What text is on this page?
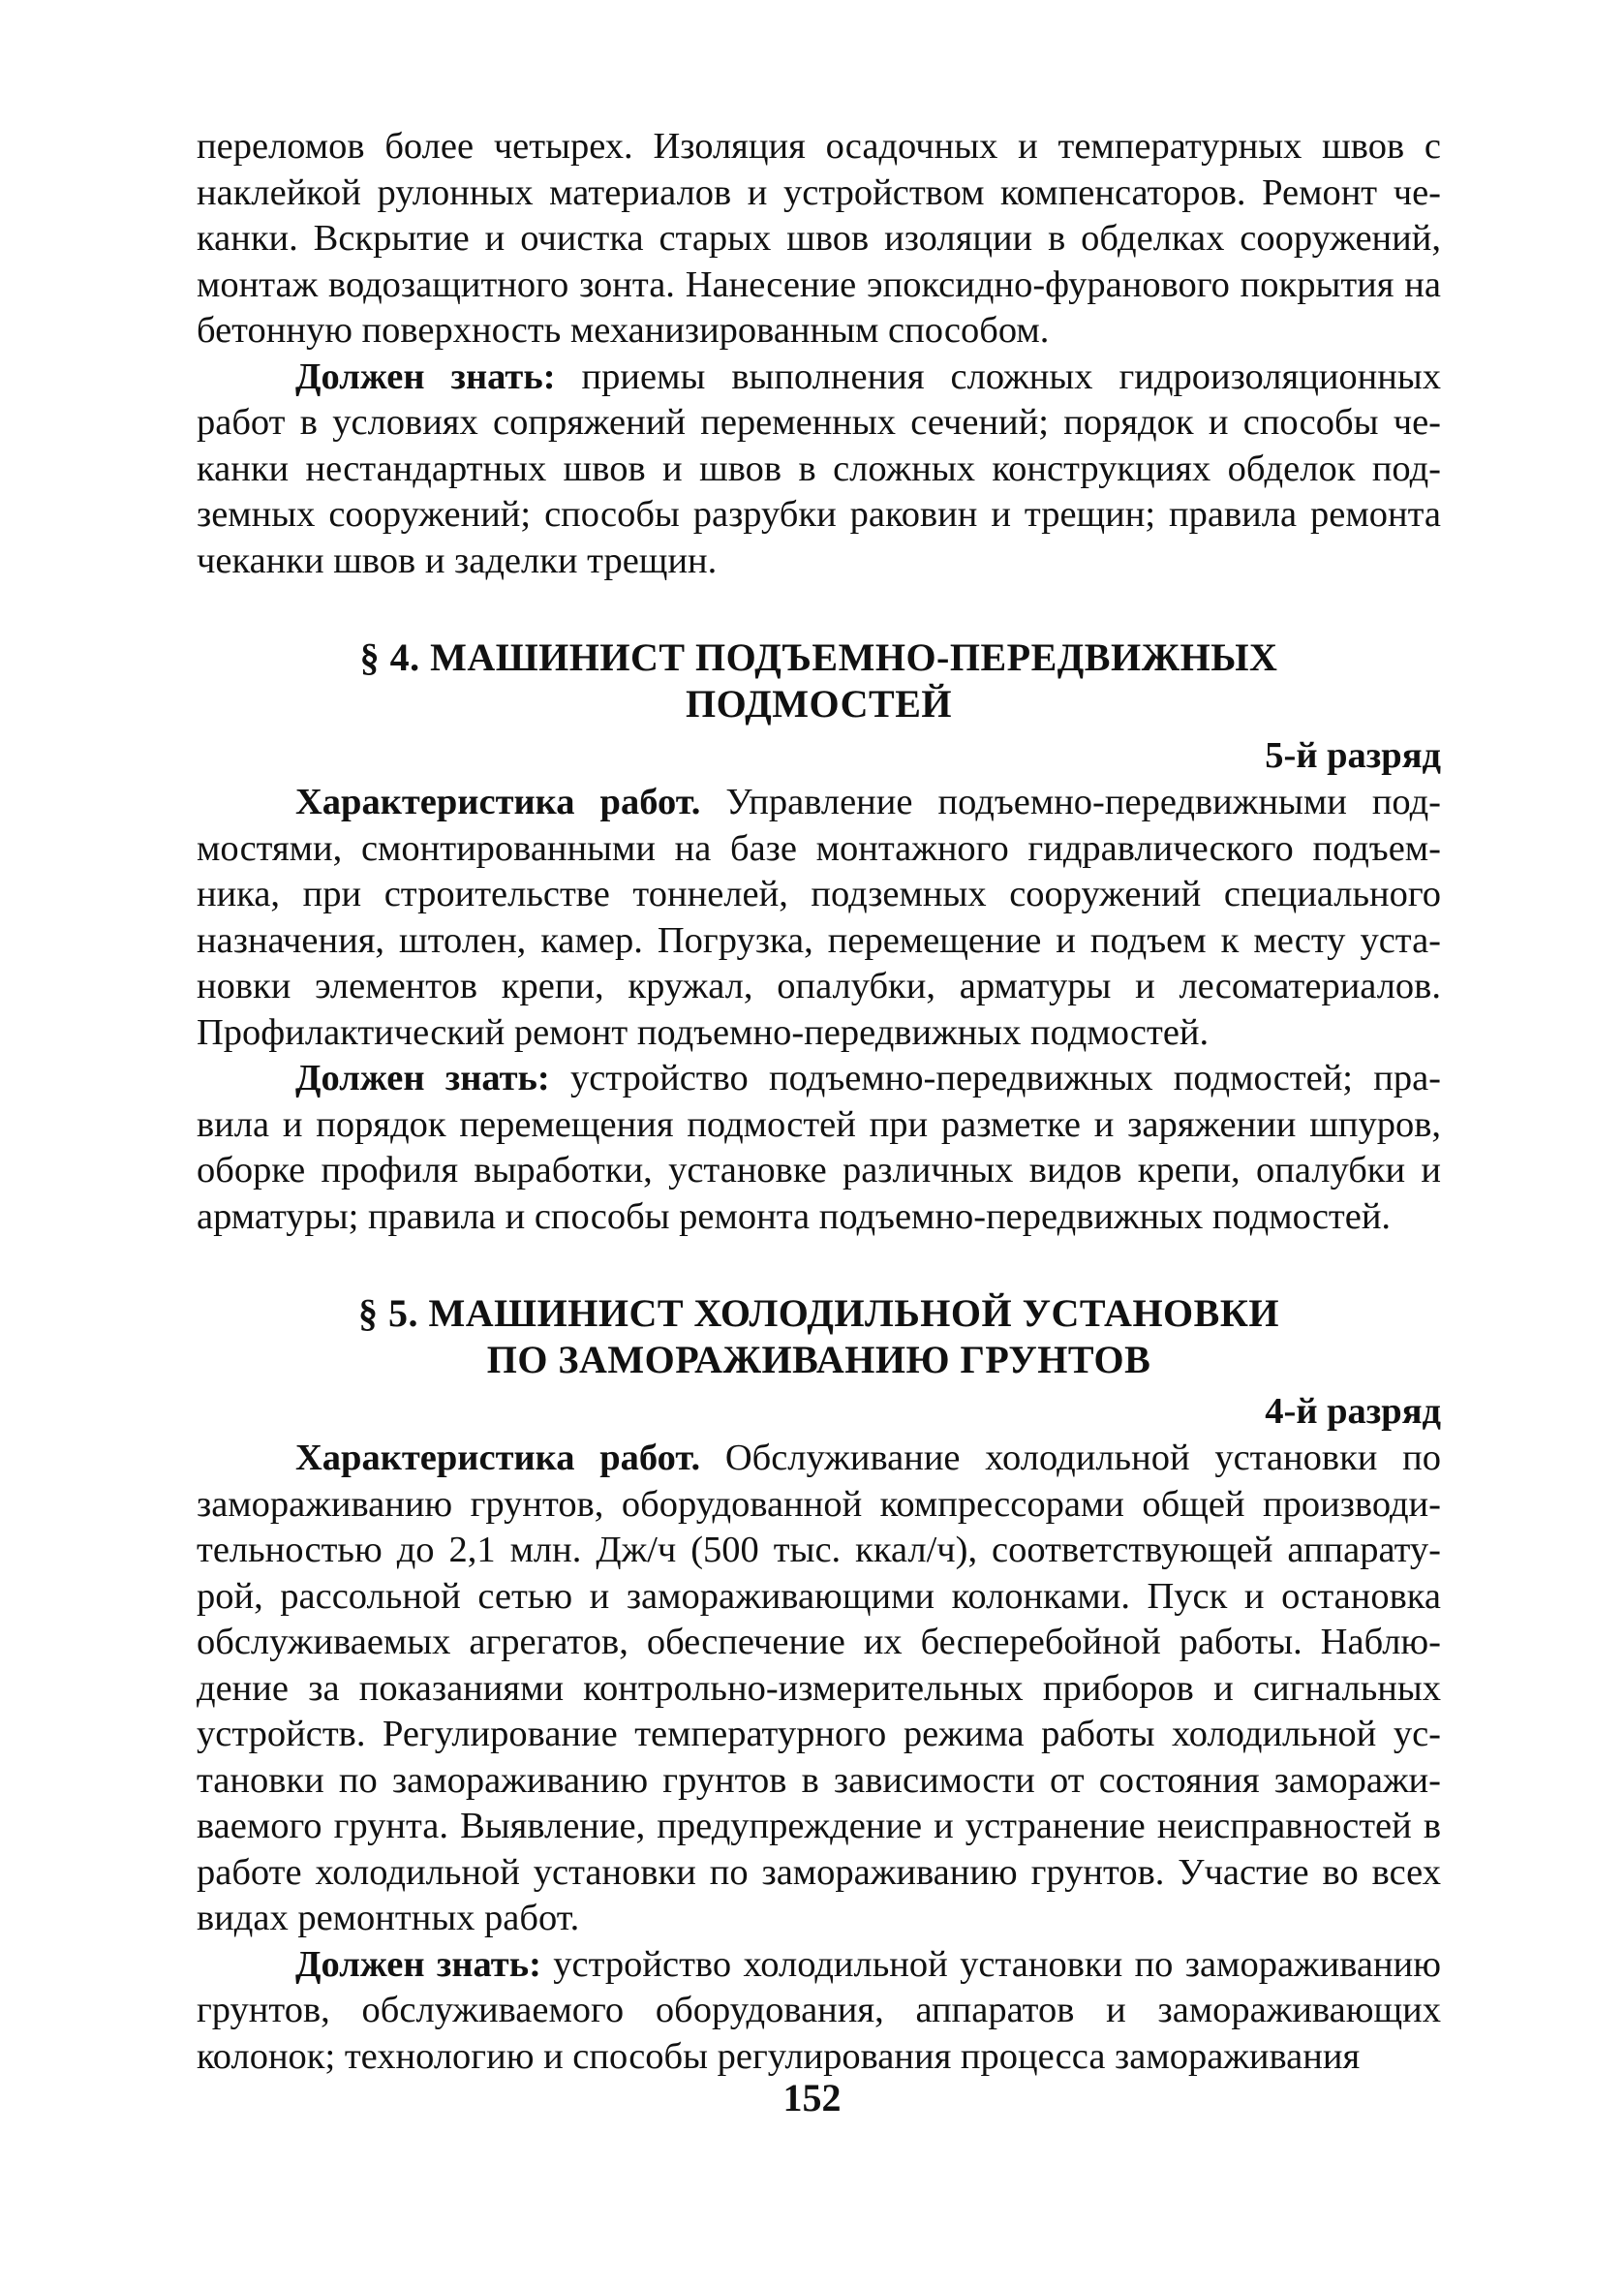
переломов более четырех. Изоляция осадочных и температурных швов с наклейкой рулонных материалов и устройством компенсаторов. Ремонт чеканки. Вскрытие и очистка старых швов изоляции в обделках сооружений, монтаж водозащитного зонта. Нанесение эпоксидно-фуранового покрытия на бетонную поверхность механизированным способом.

Должен знать: приемы выполнения сложных гидроизоляционных работ в условиях сопряжений переменных сечений; порядок и способы чеканки нестандартных швов и швов в сложных конструкциях обделок подземных сооружений; способы разрубки раковин и трещин; правила ремонта чеканки швов и заделки трещин.

§ 4. МАШИНИСТ ПОДЪЕМНО-ПЕРЕДВИЖНЫХ
ПОДМОСТЕЙ
5-й разряд

Характеристика работ. Управление подъемно-передвижными подмостями, смонтированными на базе монтажного гидравлического подъемника, при строительстве тоннелей, подземных сооружений специального назначения, штолен, камер. Погрузка, перемещение и подъем к месту установки элементов крепи, кружал, опалубки, арматуры и лесоматериалов. Профилактический ремонт подъемно-передвижных подмостей.

Должен знать: устройство подъемно-передвижных подмостей; правила и порядок перемещения подмостей при разметке и заряжении шпуров, оборке профиля выработки, установке различных видов крепи, опалубки и арматуры; правила и способы ремонта подъемно-передвижных подмостей.

§ 5. МАШИНИСТ ХОЛОДИЛЬНОЙ УСТАНОВКИ
ПО ЗАМОРАЖИВАНИЮ ГРУНТОВ
4-й разряд

Характеристика работ. Обслуживание холодильной установки по замораживанию грунтов, оборудованной компрессорами общей производительностью до 2,1 млн. Дж/ч (500 тыс. ккал/ч), соответствующей аппаратурой, рассольной сетью и замораживающими колонками. Пуск и остановка обслуживаемых агрегатов, обеспечение их бесперебойной работы. Наблюдение за показаниями контрольно-измерительных приборов и сигнальных устройств. Регулирование температурного режима работы холодильной установки по замораживанию грунтов в зависимости от состояния замораживаемого грунта. Выявление, предупреждение и устранение неисправностей в работе холодильной установки по замораживанию грунтов. Участие во всех видах ремонтных работ.

Должен знать: устройство холодильной установки по замораживанию грунтов, обслуживаемого оборудования, аппаратов и замораживающих колонок; технологию и способы регулирования процесса замораживания

152
